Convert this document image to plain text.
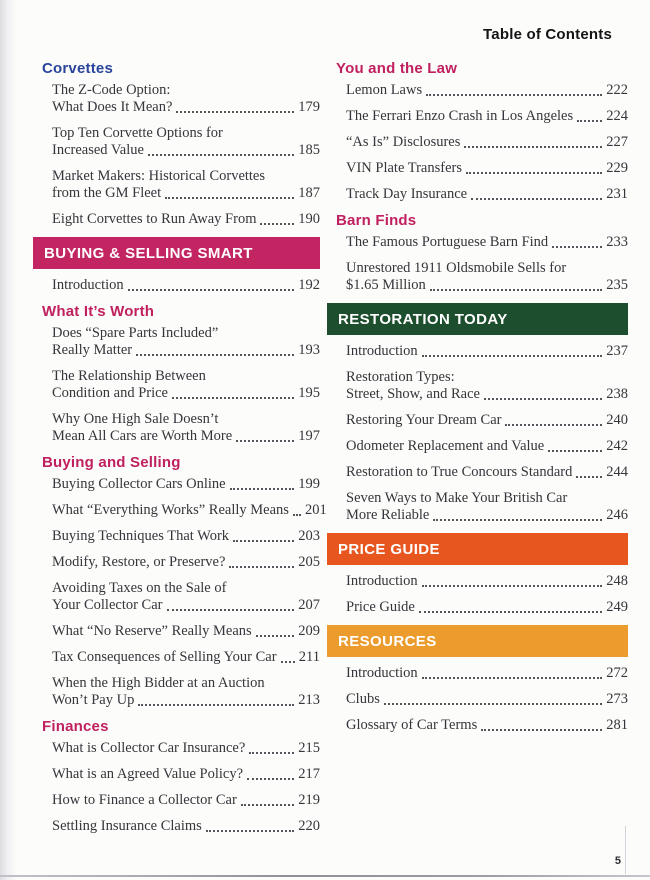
Table of Contents
Corvettes
The Z-Code Option:
What Does It Mean?	179
Top Ten Corvette Options for
Increased Value	185
Market Makers: Historical Corvettes
from the GM Fleet	187
Eight Corvettes to Run Away From	190
BUYING & SELLING SMART
Introduction	192
What It’s Worth
Does “Spare Parts Included”
Really Matter	193
The Relationship Between
Condition and Price	195
Why One High Sale Doesn’t
Mean All Cars are Worth More	197
Buying and Selling
Buying Collector Cars Online	199
What “Everything Works” Really Means 201
Buying Techniques That Work	203
Modify, Restore, or Preserve?	205
Avoiding Taxes on the Sale of
Your Collector Car	207
What “No Reserve” Really Means	209
Tax Consequences of Selling Your Car 211
When the High Bidder at an Auction
Won’t Pay Up	213
Finances
What is Collector Car Insurance?	215
What is an Agreed Value Policy?	217
How to Finance a Collector Car	219
Settling Insurance Claims	220
You and the Law
Lemon Laws	222
The Ferrari Enzo Crash in Los Angeles 224
“As Is” Disclosures	227
VIN Plate Transfers	229
Track Day Insurance	231
Barn Finds
The Famous Portuguese Barn Find	233
Unrestored 1911 Oldsmobile Sells for
$1.65 Million	235
RESTORATION TODAY
Introduction	237
Restoration Types:
Street, Show, and Race	238
Restoring Your Dream Car	240
Odometer Replacement and Value	242
Restoration to True Concours Standard 244
Seven Ways to Make Your British Car
More Reliable	246
PRICE GUIDE
Introduction	248
Price Guide	249
RESOURCES
Introduction	272
Clubs	273
Glossary of Car Terms	281
5
